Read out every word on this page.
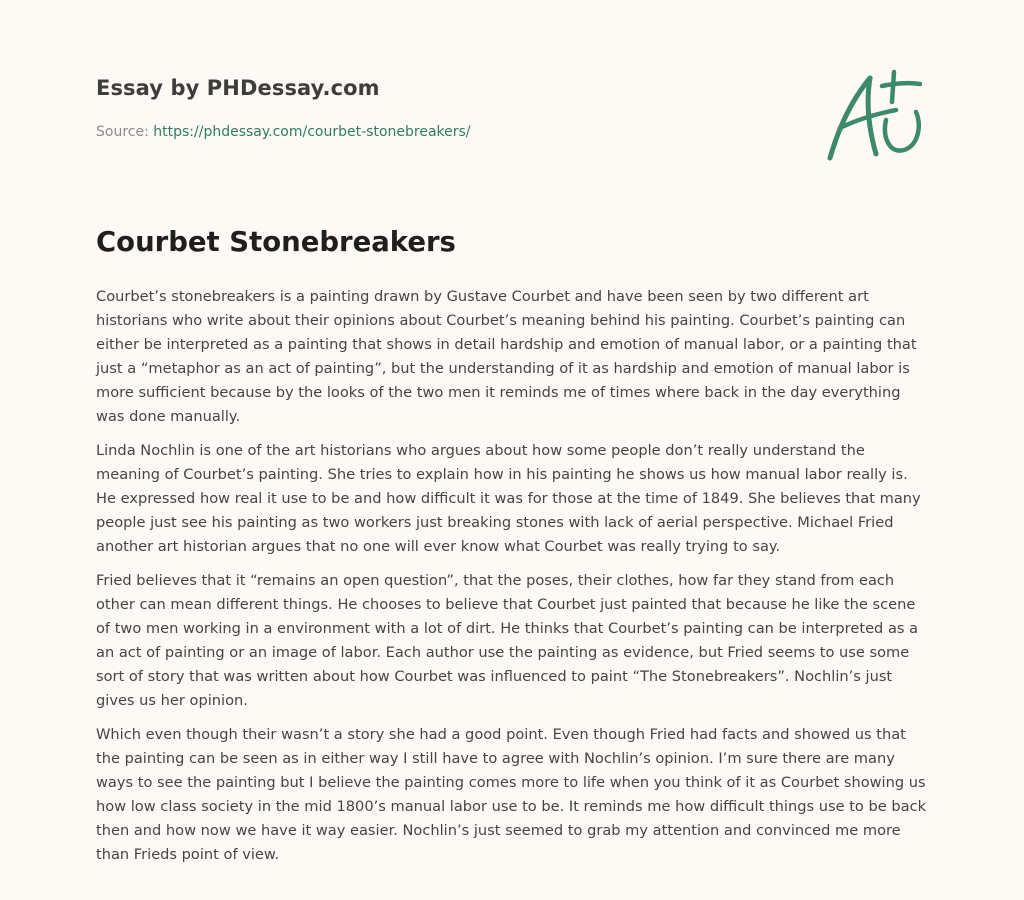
Essay by PHDessay.com
Source: https://phdessay.com/courbet-stonebreakers/
Courbet Stonebreakers

Courbet’s stonebreakers is a painting drawn by Gustave Courbet and have been seen by two different art historians who write about their opinions about Courbet’s meaning behind his painting. Courbet’s painting can either be interpreted as a painting that shows in detail hardship and emotion of manual labor, or a painting that just a “metaphor as an act of painting”, but the understanding of it as hardship and emotion of manual labor is more sufficient because by the looks of the two men it reminds me of times where back in the day everything was done manually.

Linda Nochlin is one of the art historians who argues about how some people don’t really understand the meaning of Courbet’s painting. She tries to explain how in his painting he shows us how manual labor really is. He expressed how real it use to be and how difficult it was for those at the time of 1849. She believes that many people just see his painting as two workers just breaking stones with lack of aerial perspective. Michael Fried another art historian argues that no one will ever know what Courbet was really trying to say.

Fried believes that it “remains an open question”, that the poses, their clothes, how far they stand from each other can mean different things. He chooses to believe that Courbet just painted that because he like the scene of two men working in a environment with a lot of dirt. He thinks that Courbet’s painting can be interpreted as a an act of painting or an image of labor. Each author use the painting as evidence, but Fried seems to use some sort of story that was written about how Courbet was influenced to paint “The Stonebreakers”. Nochlin’s just gives us her opinion.

Which even though their wasn’t a story she had a good point. Even though Fried had facts and showed us that the painting can be seen as in either way I still have to agree with Nochlin’s opinion. I’m sure there are many ways to see the painting but I believe the painting comes more to life when you think of it as Courbet showing us how low class society in the mid 1800’s manual labor use to be. It reminds me how difficult things use to be back then and how now we have it way easier. Nochlin’s just seemed to grab my attention and convinced me more than Frieds point of view.
